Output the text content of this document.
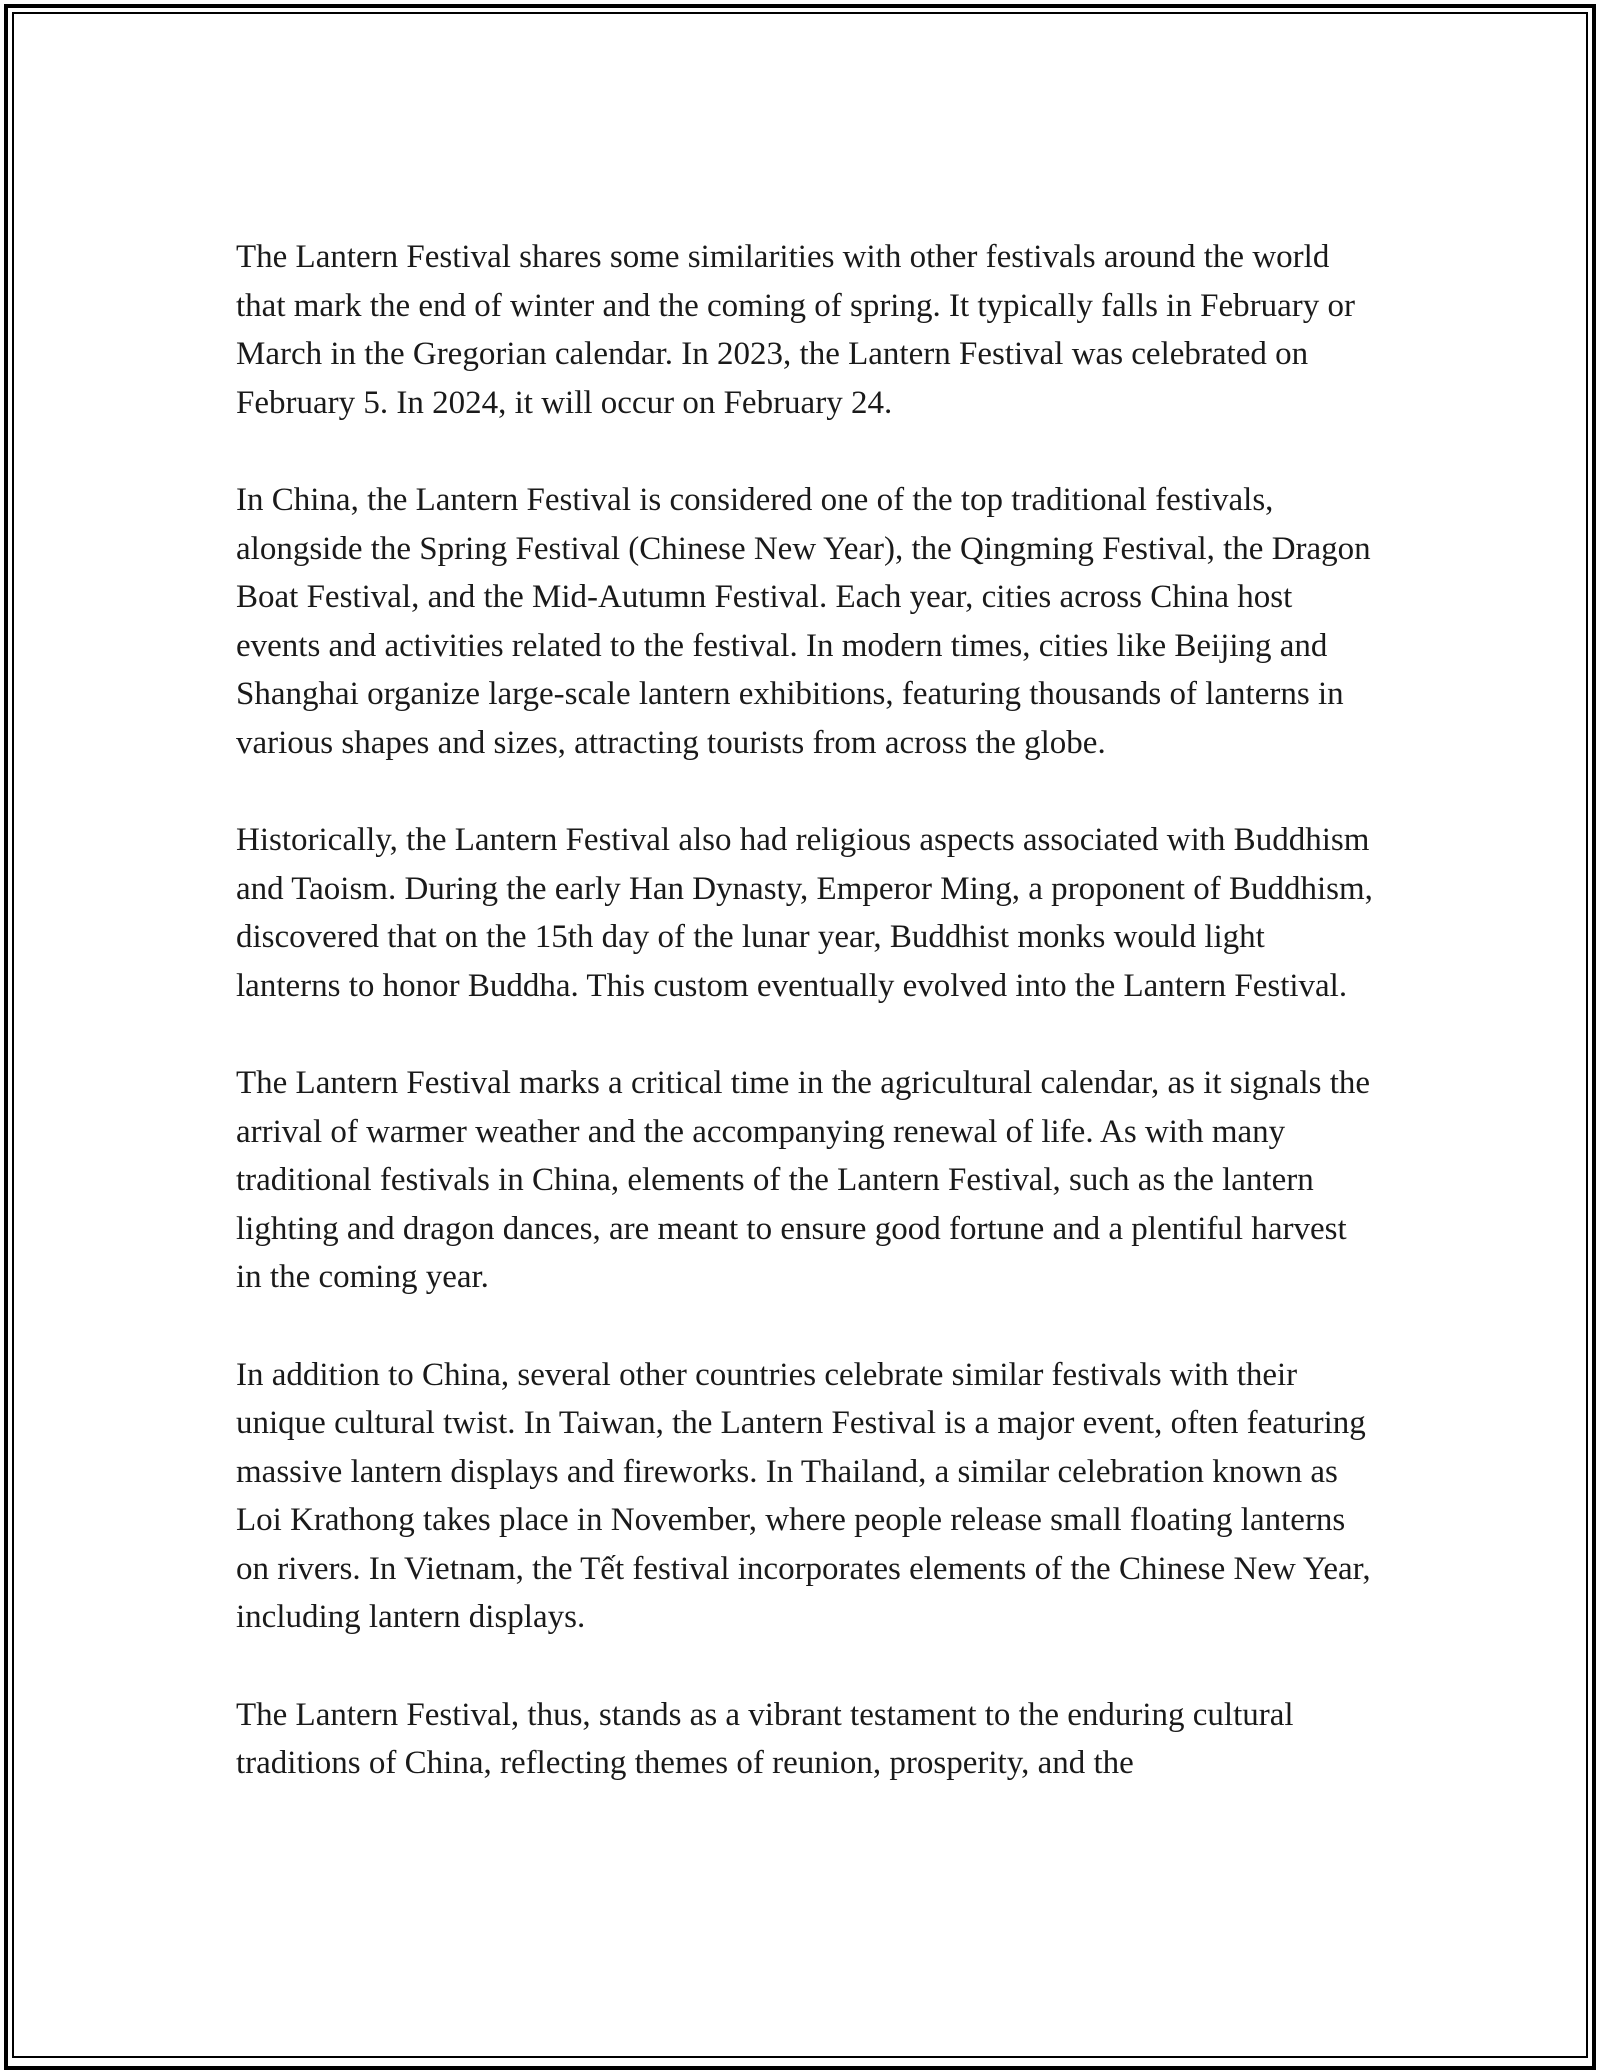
The Lantern Festival shares some similarities with other festivals around the world that mark the end of winter and the coming of spring. It typically falls in February or March in the Gregorian calendar. In 2023, the Lantern Festival was celebrated on February 5. In 2024, it will occur on February 24.

In China, the Lantern Festival is considered one of the top traditional festivals, alongside the Spring Festival (Chinese New Year), the Qingming Festival, the Dragon Boat Festival, and the Mid-Autumn Festival. Each year, cities across China host events and activities related to the festival. In modern times, cities like Beijing and Shanghai organize large-scale lantern exhibitions, featuring thousands of lanterns in various shapes and sizes, attracting tourists from across the globe.

Historically, the Lantern Festival also had religious aspects associated with Buddhism and Taoism. During the early Han Dynasty, Emperor Ming, a proponent of Buddhism, discovered that on the 15th day of the lunar year, Buddhist monks would light lanterns to honor Buddha. This custom eventually evolved into the Lantern Festival.

The Lantern Festival marks a critical time in the agricultural calendar, as it signals the arrival of warmer weather and the accompanying renewal of life. As with many traditional festivals in China, elements of the Lantern Festival, such as the lantern lighting and dragon dances, are meant to ensure good fortune and a plentiful harvest in the coming year.

In addition to China, several other countries celebrate similar festivals with their unique cultural twist. In Taiwan, the Lantern Festival is a major event, often featuring massive lantern displays and fireworks. In Thailand, a similar celebration known as Loi Krathong takes place in November, where people release small floating lanterns on rivers. In Vietnam, the Tết festival incorporates elements of the Chinese New Year, including lantern displays.

The Lantern Festival, thus, stands as a vibrant testament to the enduring cultural traditions of China, reflecting themes of reunion, prosperity, and the
